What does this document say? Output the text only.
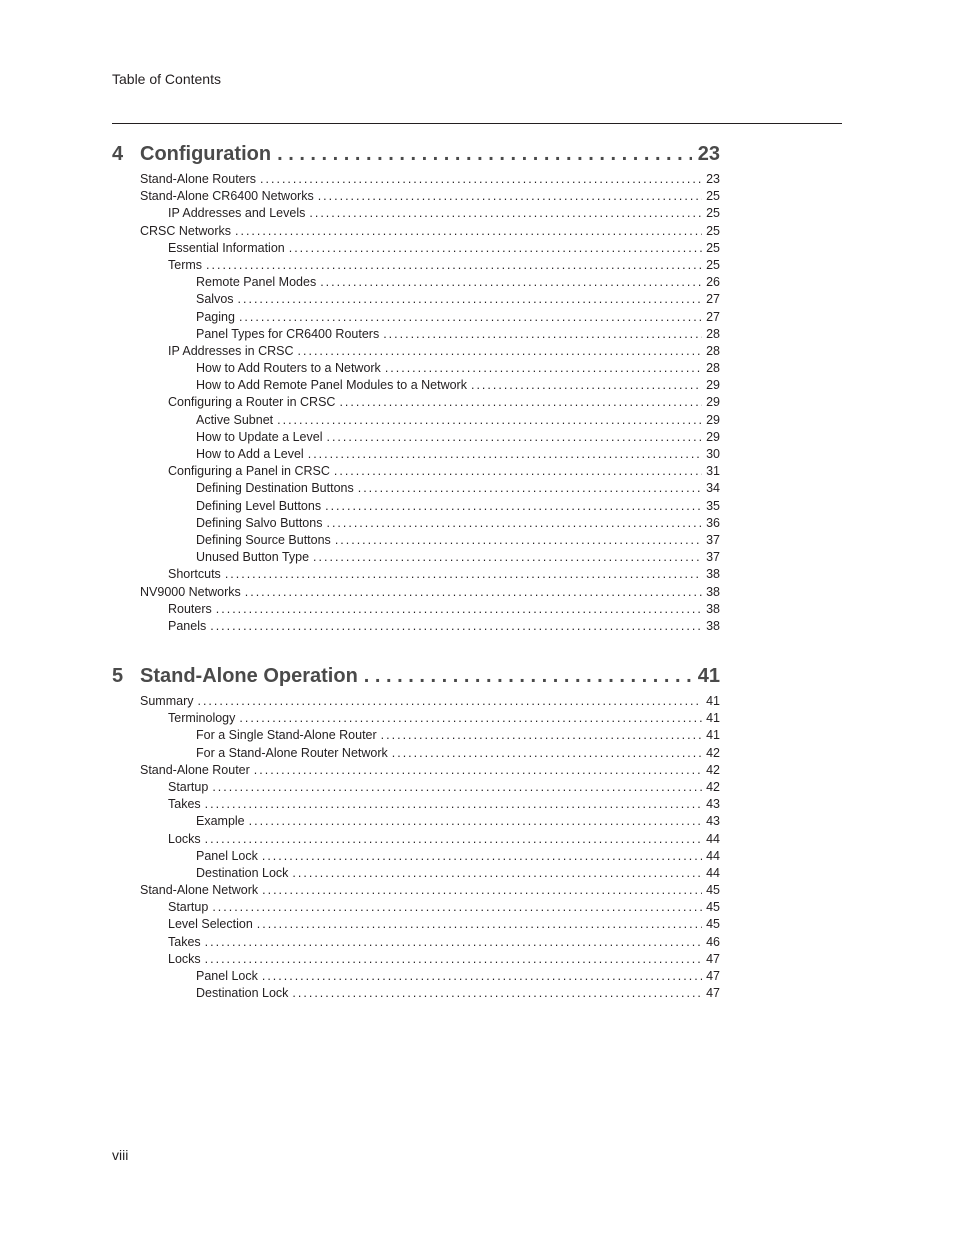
Table of Contents
4 Configuration . . .	23
Stand-Alone Routers .....	23
Stand-Alone CR6400 Networks .....	25
IP Addresses and Levels .....	25
CRSC Networks .....	25
Essential Information .....	25
Terms .....	25
Remote Panel Modes .....	26
Salvos .....	27
Paging .....	27
Panel Types for CR6400 Routers .....	28
IP Addresses in CRSC .....	28
How to Add Routers to a Network .....	28
How to Add Remote Panel Modules to a Network .....	29
Configuring a Router in CRSC .....	29
Active Subnet .....	29
How to Update a Level .....	29
How to Add a Level .....	30
Configuring a Panel in CRSC .....	31
Defining Destination Buttons .....	34
Defining Level Buttons .....	35
Defining Salvo Buttons .....	36
Defining Source Buttons .....	37
Unused Button Type .....	37
Shortcuts .....	38
NV9000 Networks .....	38
Routers .....	38
Panels .....	38
5 Stand-Alone Operation . . .	41
Summary .....	41
Terminology .....	41
For a Single Stand-Alone Router .....	41
For a Stand-Alone Router Network .....	42
Stand-Alone Router .....	42
Startup .....	42
Takes .....	43
Example .....	43
Locks .....	44
Panel Lock .....	44
Destination Lock .....	44
Stand-Alone Network .....	45
Startup .....	45
Level Selection .....	45
Takes .....	46
Locks .....	47
Panel Lock .....	47
Destination Lock .....	47
viii
